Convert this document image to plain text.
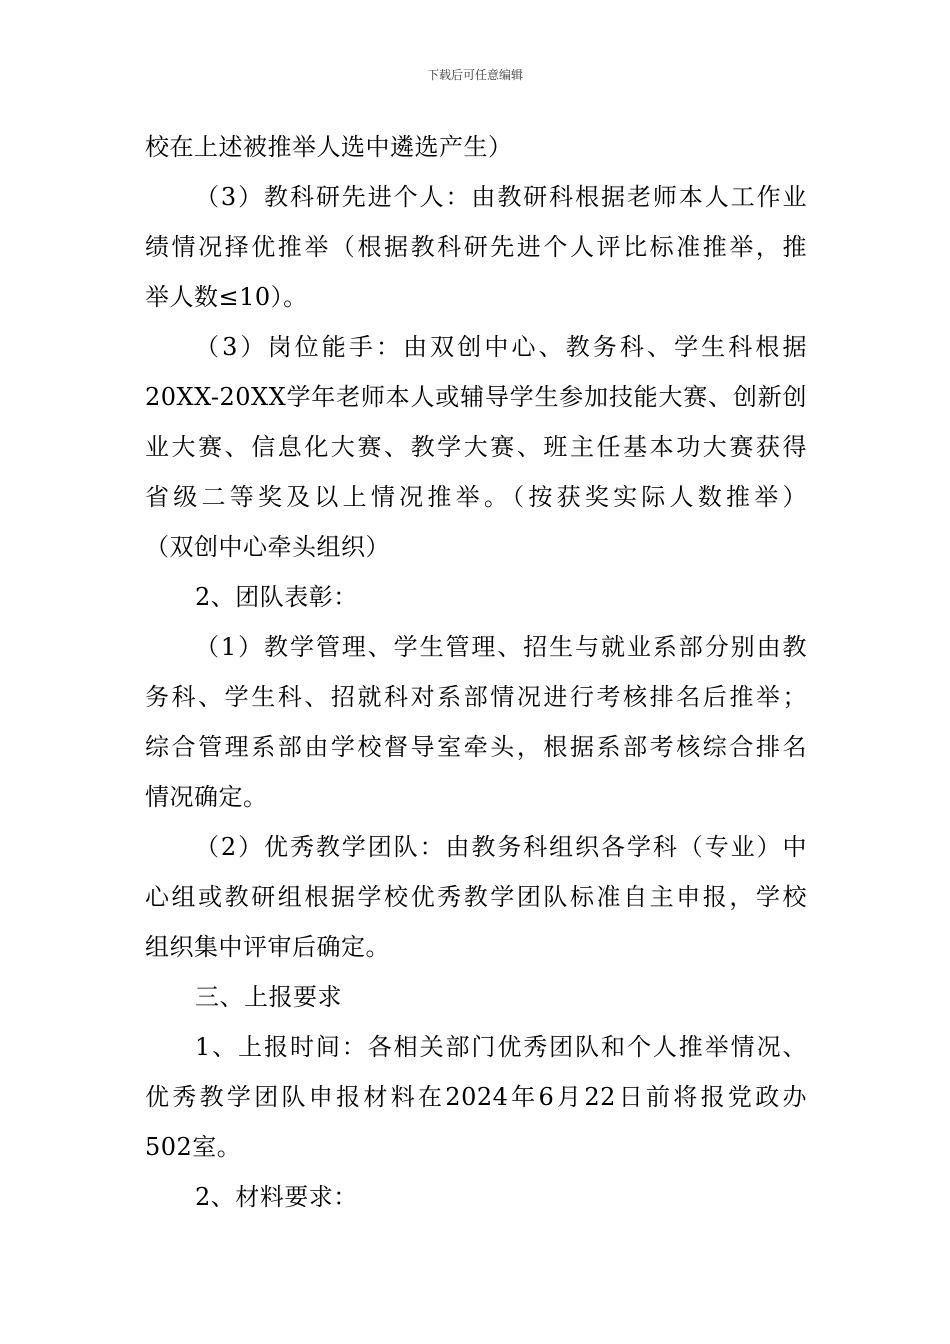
下载后可任意编辑
校在上述被推举人选中遴选产生）
（3）教科研先进个人：由教研科根据老师本人工作业
绩情况择优推举（根据教科研先进个人评比标准推举，推
举人数≤10）。
（3）岗位能手：由双创中心、教务科、学生科根据
20XX-20XX学年老师本人或辅导学生参加技能大赛、创新创
业大赛、信息化大赛、教学大赛、班主任基本功大赛获得
省级二等奖及以上情况推举。（按获奖实际人数推举）
（双创中心牵头组织）
2、团队表彰：
（1）教学管理、学生管理、招生与就业系部分别由教
务科、学生科、招就科对系部情况进行考核排名后推举；
综合管理系部由学校督导室牵头，根据系部考核综合排名
情况确定。
（2）优秀教学团队：由教务科组织各学科（专业）中
心组或教研组根据学校优秀教学团队标准自主申报，学校
组织集中评审后确定。
三、上报要求
1、上报时间：各相关部门优秀团队和个人推举情况、
优秀教学团队申报材料在2024年6月22日前将报党政办
502室。
2、材料要求：
